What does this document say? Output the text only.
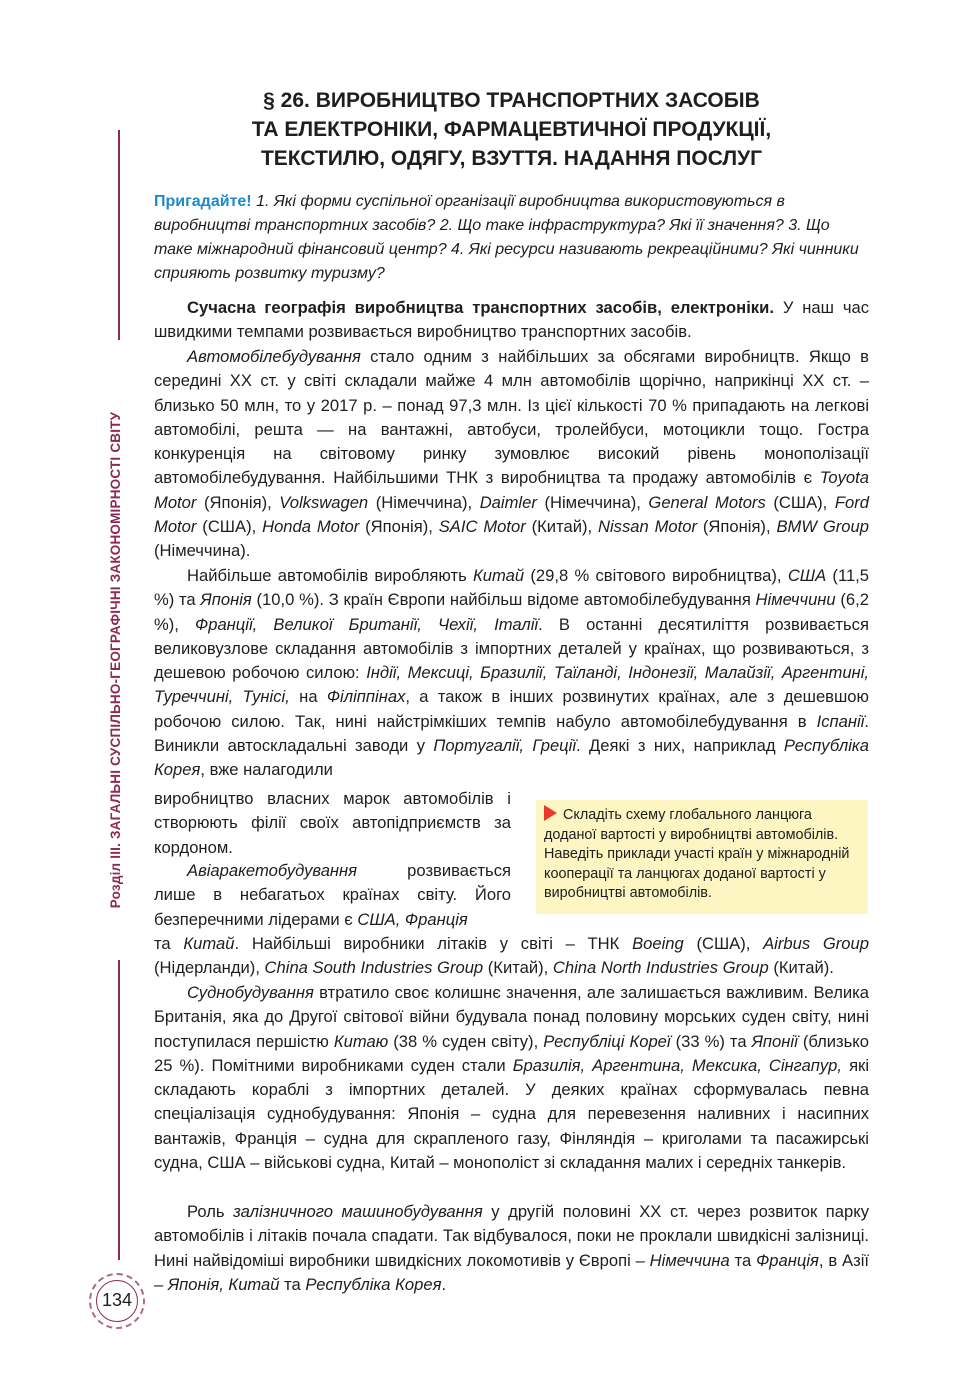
Розділ III. ЗАГАЛЬНІ СУСПІЛЬНО-ГЕОГРАФІЧНІ ЗАКОНОМІРНОСТІ СВІТУ
134
§ 26. ВИРОБНИЦТВО ТРАНСПОРТНИХ ЗАСОБІВ
ТА ЕЛЕКТРОНІКИ, ФАРМАЦЕВТИЧНОЇ ПРОДУКЦІЇ,
ТЕКСТИЛЮ, ОДЯГУ, ВЗУТТЯ. НАДАННЯ ПОСЛУГ
Пригадайте! 1. Які форми суспільної організації виробництва використовуються в виробництві транспортних засобів? 2. Що таке інфраструктура? Які її значення? 3. Що таке міжнародний фінансовий центр? 4. Які ресурси називають рекреаційними? Які чинники сприяють розвитку туризму?
Сучасна географія виробництва транспортних засобів, електроніки. У наш час швидкими темпами розвивається виробництво транспортних засобів.
Автомобілебудування стало одним з найбільших за обсягами виробництв. Якщо в середині ХХ ст. у світі складали майже 4 млн автомобілів щорічно, наприкінці ХХ ст. – близько 50 млн, то у 2017 р. – понад 97,3 млн. Із цієї кількості 70 % припадають на легкові автомобілі, решта — на вантажні, автобуси, тролейбуси, мотоцикли тощо. Гостра конкуренція на світовому ринку зумовлює високий рівень монополізації автомобілебудування. Найбільшими ТНК з виробництва та продажу автомобілів є Toyota Motor (Японія), Volkswagen (Німеччина), Daimler (Німеччина), General Motors (США), Ford Motor (США), Honda Motor (Японія), SAIC Motor (Китай), Nissan Motor (Японія), BMW Group (Німеччина).
Найбільше автомобілів виробляють Китай (29,8 % світового виробництва), США (11,5 %) та Японія (10,0 %). З країн Європи найбільш відоме автомобілебудування Німеччини (6,2 %), Франції, Великої Британії, Чехії, Італії. В останні десятиліття розвивається великовузлове складання автомобілів з імпортних деталей у країнах, що розвиваються, з дешевою робочою силою: Індії, Мексиці, Бразилії, Таїланді, Індонезії, Малайзії, Аргентині, Туреччині, Тунісі, на Філіппінах, а також в інших розвинутих країнах, але з дешевшою робочою силою. Так, нині найстрімкіших темпів набуло автомобілебудування в Іспанії. Виникли автоскладальні заводи у Португалії, Греції. Деякі з них, наприклад Республіка Корея, вже налагодили
виробництво власних марок автомобілів і створюють філії своїх автопідприємств за кордоном.
Авіаракетобудування розвивається лише в небагатьох країнах світу. Його безперечними лідерами є США, Франція
та Китай. Найбільші виробники літаків у світі – ТНК Boeing (США), Airbus Group (Нідерланди), China South Industries Group (Китай), China North Industries Group (Китай).
Суднобудування втратило своє колишнє значення, але залишається важливим. Велика Британія, яка до Другої світової війни будувала понад половину морських суден світу, нині поступилася першістю Китаю (38 % суден світу), Республіці Кореї (33 %) та Японії (близько 25 %). Помітними виробниками суден стали Бразилія, Аргентина, Мексика, Сінгапур, які складають кораблі з імпортних деталей. У деяких країнах сформувалась певна спеціалізація суднобудування: Японія – судна для перевезення наливних і насипних вантажів, Франція – судна для скрапленого газу, Фінляндія – криголами та пасажирські судна, США – військові судна, Китай – монополіст зі складання малих і середніх танкерів.
Роль залізничного машинобудування у другій половині ХХ ст. через розвиток парку автомобілів і літаків почала спадати. Так відбувалося, поки не проклали швидкісні залізниці. Нині найвідоміші виробники швидкісних локомотивів у Європі – Німеччина та Франція, в Азії – Японія, Китай та Республіка Корея.
Складіть схему глобального ланцюга доданої вартості у виробництві автомобілів. Наведіть приклади участі країн у міжнародній кооперації та ланцюгах доданої вартості у виробництві автомобілів.
